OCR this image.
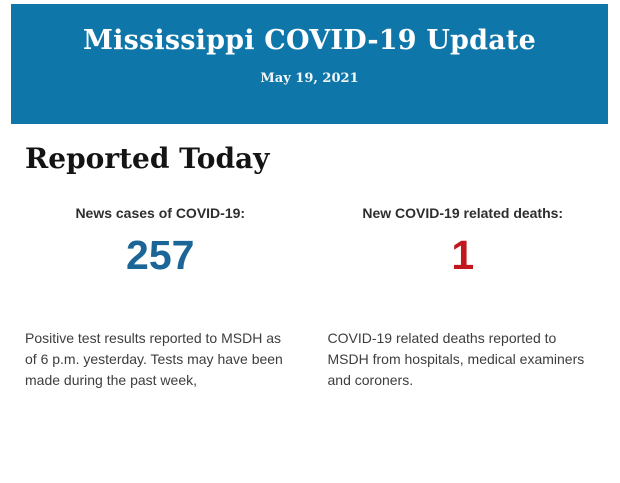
Mississippi COVID-19 Update
May 19, 2021
Reported Today
News cases of COVID-19:
257

Positive test results reported to MSDH as of 6 p.m. yesterday. Tests may have been made during the past week,

New COVID-19 related deaths:
1

COVID-19 related deaths reported to MSDH from hospitals, medical examiners and coroners.
